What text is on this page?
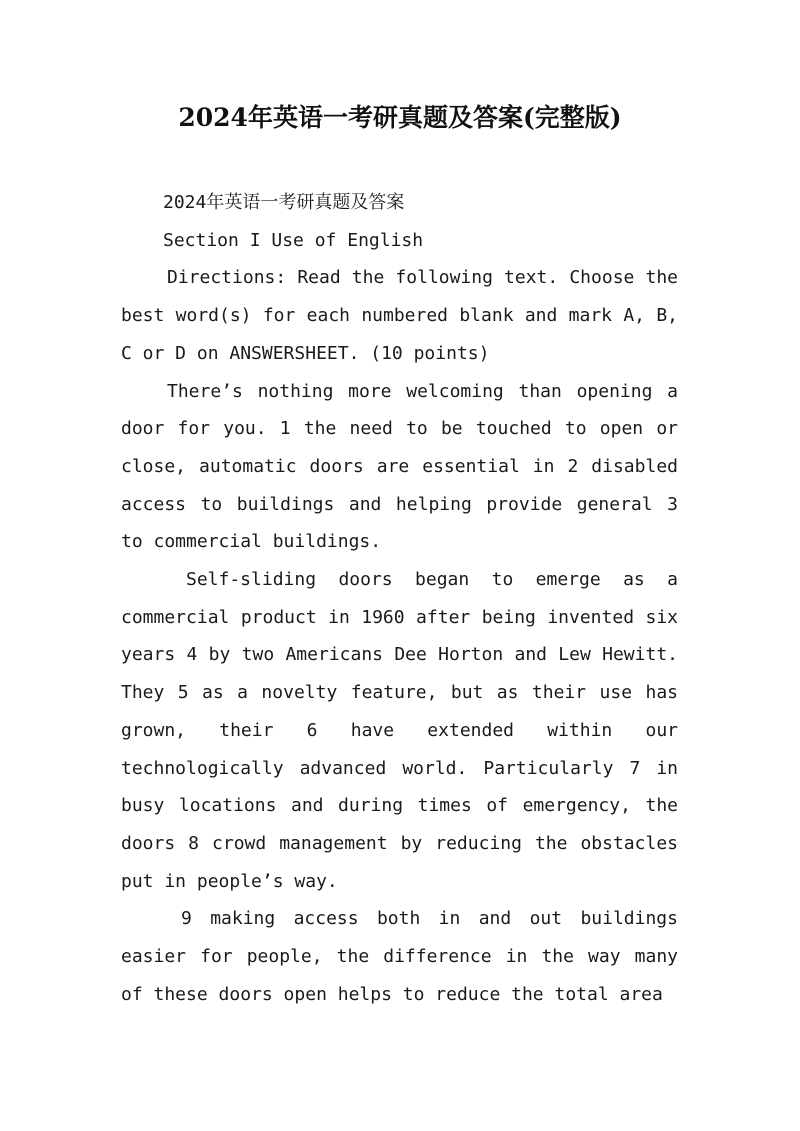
2024年英语一考研真题及答案(完整版)

2024年英语一考研真题及答案

Section I Use of English

Directions: Read the following text. Choose the best word(s) for each numbered blank and mark A, B, C or D on ANSWERSHEET. (10 points)

There’s nothing more welcoming than opening a door for you. 1 the need to be touched to open or close, automatic doors are essential in 2 disabled access to buildings and helping provide general 3 to commercial buildings.

Self-sliding doors began to emerge as a commercial product in 1960 after being invented six years 4 by two Americans Dee Horton and Lew Hewitt. They 5 as a novelty feature, but as their use has grown, their 6 have extended within our technologically advanced world. Particularly 7 in busy locations and during times of emergency, the doors 8 crowd management by reducing the obstacles put in people’s way.

9 making access both in and out buildings easier for people, the difference in the way many of these doors open helps to reduce the total area
